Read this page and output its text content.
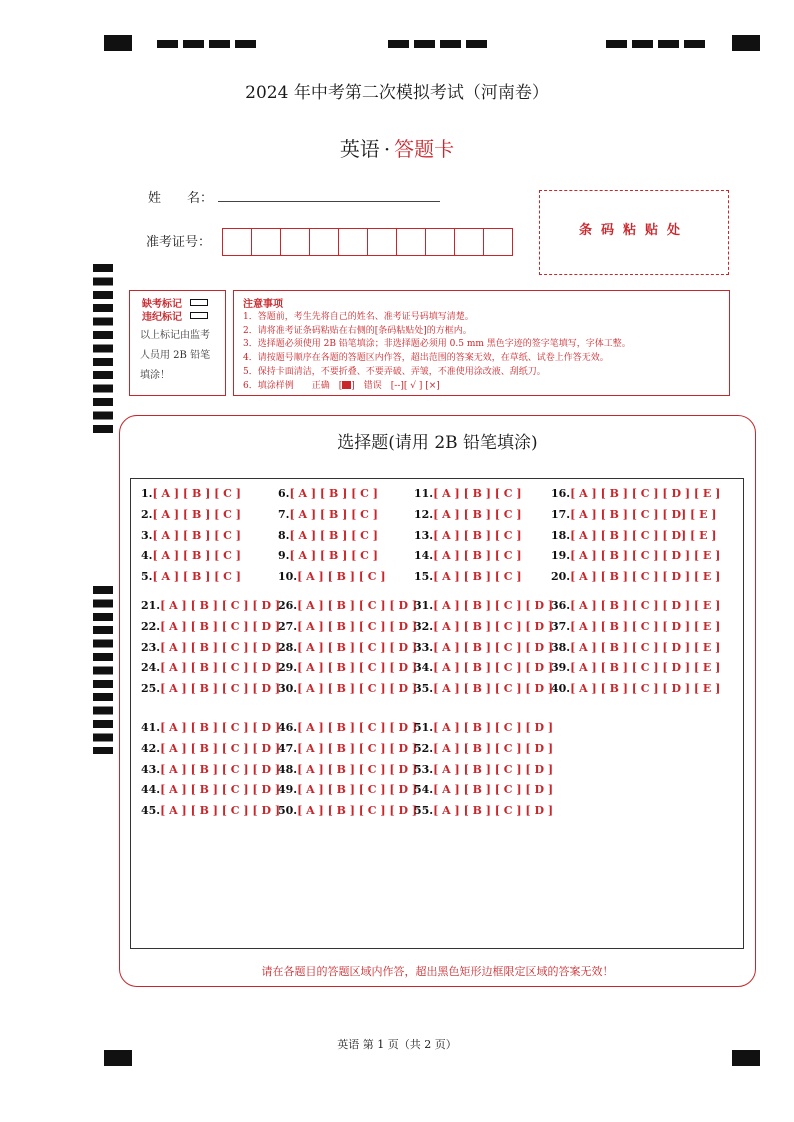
2024 年中考第二次模拟考试（河南卷）
英语 · 答题卡
姓　　名：
准考证号：
条码粘贴处
缺考标记
违纪标记
以上标记由监考人员用 2B 铅笔填涂！
注意事项
1．答题前，考生先将自己的姓名、准考证号码填写清楚。
2．请将准考证条码粘贴在右侧的[条码粘贴处]的方框内。
3．选择题必须使用 2B 铅笔填涂；非选择题必须用 0.5 mm 黑色字迹的签字笔填写，字体工整。
4．请按题号顺序在各题的答题区内作答，超出范围的答案无效，在草纸、试卷上作答无效。
5．保持卡面清洁，不要折叠、不要弄破、弄皱，不准使用涂改液、刮纸刀。
6．填涂样例　　正确　[ ]　错误　[--][ √ ] [×]
选择题(请用 2B 铅笔填涂)
1.[ A ] [ B ] [ C ]
2.[ A ] [ B ] [ C ]
3.[ A ] [ B ] [ C ]
4.[ A ] [ B ] [ C ]
5.[ A ] [ B ] [ C ]
6.[ A ] [ B ] [ C ]
7.[ A ] [ B ] [ C ]
8.[ A ] [ B ] [ C ]
9.[ A ] [ B ] [ C ]
10.[ A ] [ B ] [ C ]
11.[ A ] [ B ] [ C ]
12.[ A ] [ B ] [ C ]
13.[ A ] [ B ] [ C ]
14.[ A ] [ B ] [ C ]
15.[ A ] [ B ] [ C ]
16.[ A ] [ B ] [ C ] [ D ] [ E ]
17.[ A ] [ B ] [ C ] [ D] [ E ]
18.[ A ] [ B ] [ C ] [ D] [ E ]
19.[ A ] [ B ] [ C ] [ D ] [ E ]
20.[ A ] [ B ] [ C ] [ D ] [ E ]
21.[ A ] [ B ] [ C ] [ D ]
22.[ A ] [ B ] [ C ] [ D ]
23.[ A ] [ B ] [ C ] [ D ]
24.[ A ] [ B ] [ C ] [ D ]
25.[ A ] [ B ] [ C ] [ D ]
26.[ A ] [ B ] [ C ] [ D ]
27.[ A ] [ B ] [ C ] [ D ]
28.[ A ] [ B ] [ C ] [ D ]
29.[ A ] [ B ] [ C ] [ D ]
30.[ A ] [ B ] [ C ] [ D ]
31.[ A ] [ B ] [ C ] [ D ]
32.[ A ] [ B ] [ C ] [ D ]
33.[ A ] [ B ] [ C ] [ D ]
34.[ A ] [ B ] [ C ] [ D ]
35.[ A ] [ B ] [ C ] [ D ]
36.[ A ] [ B ] [ C ] [ D ] [ E ]
37.[ A ] [ B ] [ C ] [ D ] [ E ]
38.[ A ] [ B ] [ C ] [ D ] [ E ]
39.[ A ] [ B ] [ C ] [ D ] [ E ]
40.[ A ] [ B ] [ C ] [ D ] [ E ]
41.[ A ] [ B ] [ C ] [ D ]
42.[ A ] [ B ] [ C ] [ D ]
43.[ A ] [ B ] [ C ] [ D ]
44.[ A ] [ B ] [ C ] [ D ]
45.[ A ] [ B ] [ C ] [ D ]
46.[ A ] [ B ] [ C ] [ D ]
47.[ A ] [ B ] [ C ] [ D ]
48.[ A ] [ B ] [ C ] [ D ]
49.[ A ] [ B ] [ C ] [ D ]
50.[ A ] [ B ] [ C ] [ D ]
51.[ A ] [ B ] [ C ] [ D ]
52.[ A ] [ B ] [ C ] [ D ]
53.[ A ] [ B ] [ C ] [ D ]
54.[ A ] [ B ] [ C ] [ D ]
55.[ A ] [ B ] [ C ] [ D ]
请在各题目的答题区域内作答，超出黑色矩形边框限定区域的答案无效！
英语 第 1 页（共 2 页）
